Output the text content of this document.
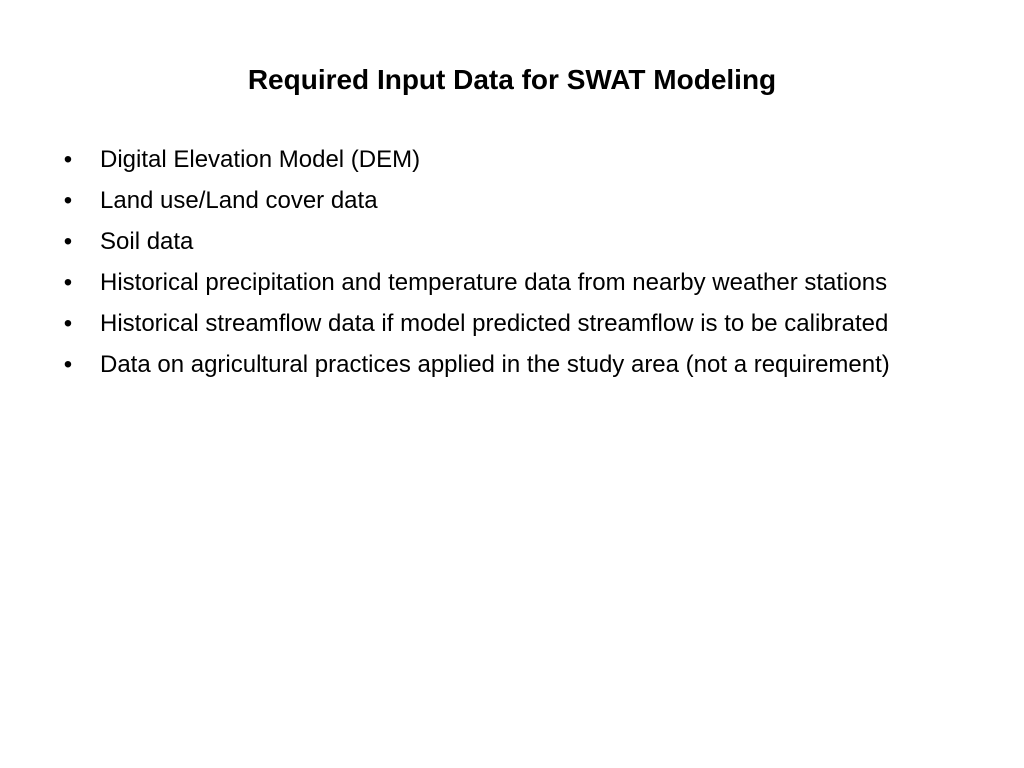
Required Input Data for SWAT Modeling
• Digital Elevation Model (DEM)
• Land use/Land cover data
• Soil data
• Historical precipitation and temperature data from nearby weather stations
• Historical streamflow data if model predicted streamflow is to be calibrated
• Data on agricultural practices applied in the study area (not a requirement)
